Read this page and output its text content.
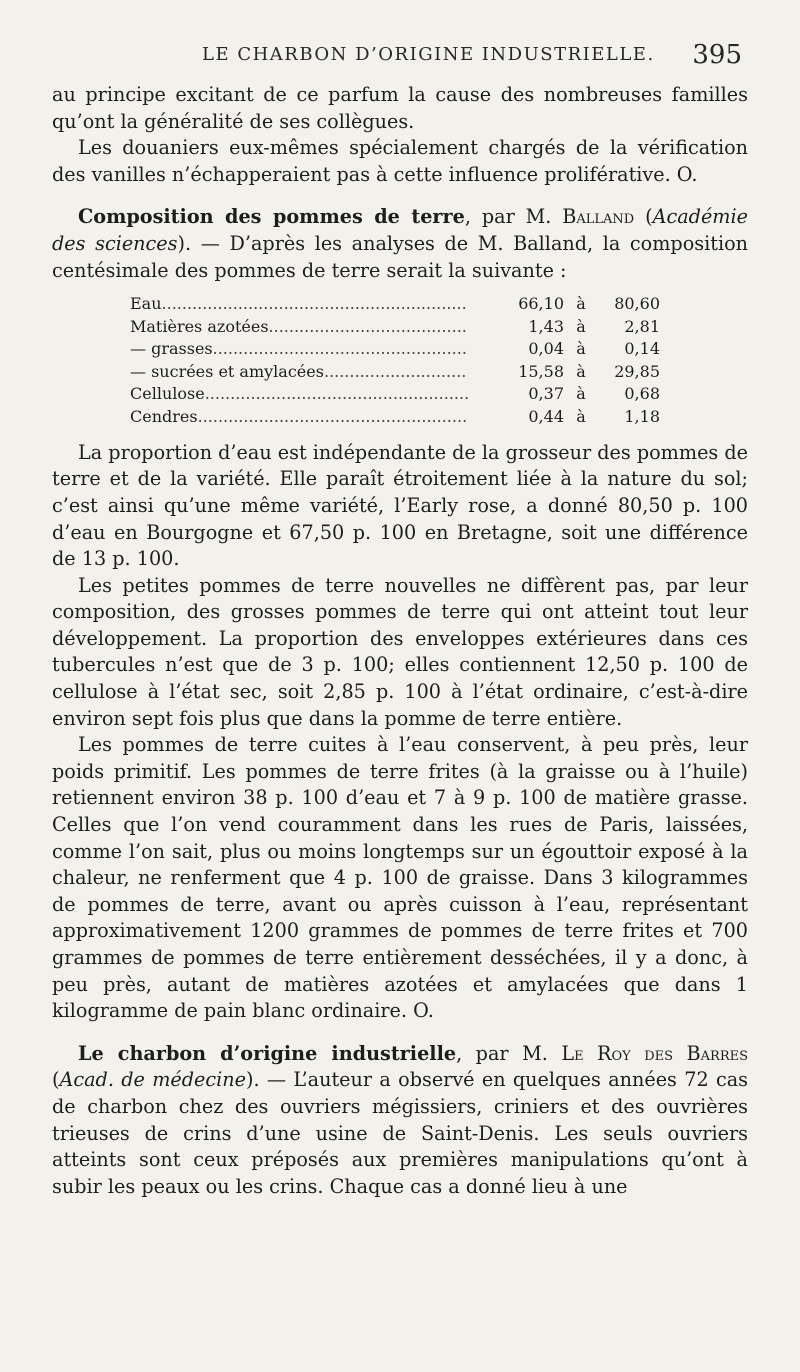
LE CHARBON D’ORIGINE INDUSTRIELLE. 395

au principe excitant de ce parfum la cause des nombreuses familles qu’ont la généralité de ses collègues.

Les douaniers eux-mêmes spécialement chargés de la vérification des vanilles n’échapperaient pas à cette influence proliférative. O.

Composition des pommes de terre, par M. Balland (Académie des sciences). — D’après les analyses de M. Balland, la composition centésimale des pommes de terre serait la suivante :

Eau............................................................	66,10	à	80,60
Matières azotées.......................................	1,43	à	2,81
— grasses..................................................	0,04	à	0,14
— sucrées et amylacées............................	15,58	à	29,85
Cellulose....................................................	0,37	à	0,68
Cendres.....................................................	0,44	à	1,18

La proportion d’eau est indépendante de la grosseur des pommes de terre et de la variété. Elle paraît étroitement liée à la nature du sol; c’est ainsi qu’une même variété, l’Early rose, a donné 80,50 p. 100 d’eau en Bourgogne et 67,50 p. 100 en Bretagne, soit une différence de 13 p. 100.

Les petites pommes de terre nouvelles ne diffèrent pas, par leur composition, des grosses pommes de terre qui ont atteint tout leur développement. La proportion des enveloppes extérieures dans ces tubercules n’est que de 3 p. 100; elles contiennent 12,50 p. 100 de cellulose à l’état sec, soit 2,85 p. 100 à l’état ordinaire, c’est-à-dire environ sept fois plus que dans la pomme de terre entière.

Les pommes de terre cuites à l’eau conservent, à peu près, leur poids primitif. Les pommes de terre frites (à la graisse ou à l’huile) retiennent environ 38 p. 100 d’eau et 7 à 9 p. 100 de matière grasse. Celles que l’on vend couramment dans les rues de Paris, laissées, comme l’on sait, plus ou moins longtemps sur un égouttoir exposé à la chaleur, ne renferment que 4 p. 100 de graisse. Dans 3 kilogrammes de pommes de terre, avant ou après cuisson à l’eau, représentant approximativement 1200 grammes de pommes de terre frites et 700 grammes de pommes de terre entièrement desséchées, il y a donc, à peu près, autant de matières azotées et amylacées que dans 1 kilogramme de pain blanc ordinaire. O.

Le charbon d’origine industrielle, par M. Le Roy des Barres (Acad. de médecine). — L’auteur a observé en quelques années 72 cas de charbon chez des ouvriers mégissiers, criniers et des ouvrières trieuses de crins d’une usine de Saint-Denis. Les seuls ouvriers atteints sont ceux préposés aux premières manipulations qu’ont à subir les peaux ou les crins. Chaque cas a donné lieu à une
